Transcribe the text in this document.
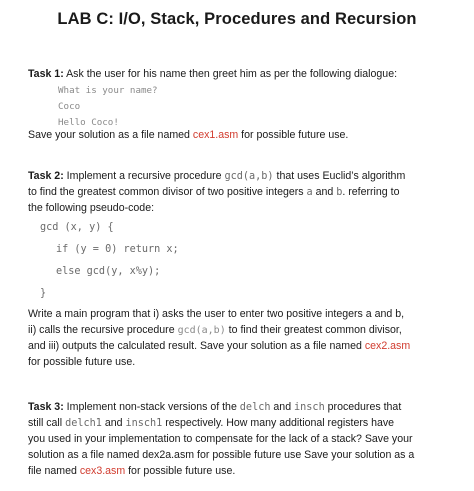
LAB C: I/O, Stack, Procedures and Recursion
Task 1: Ask the user for his name then greet him as per the following dialogue:
What is your name?
Coco
Hello Coco!
Save your solution as a file named cex1.asm for possible future use.
Task 2: Implement a recursive procedure gcd(a,b) that uses Euclid’s algorithm
to find the greatest common divisor of two positive integers a and b. referring to
the following pseudo-code:
gcd (x, y) {
if (y = 0) return x;
else gcd(y, x%y);
}
Write a main program that i) asks the user to enter two positive integers a and b,
ii) calls the recursive procedure gcd(a,b) to find their greatest common divisor,
and iii) outputs the calculated result. Save your solution as a file named cex2.asm
for possible future use.
Task 3: Implement non-stack versions of the delch and insch procedures that
still call delch1 and insch1 respectively. How many additional registers have
you used in your implementation to compensate for the lack of a stack? Save your
solution as a file named dex2a.asm for possible future use Save your solution as a
file named cex3.asm for possible future use.
